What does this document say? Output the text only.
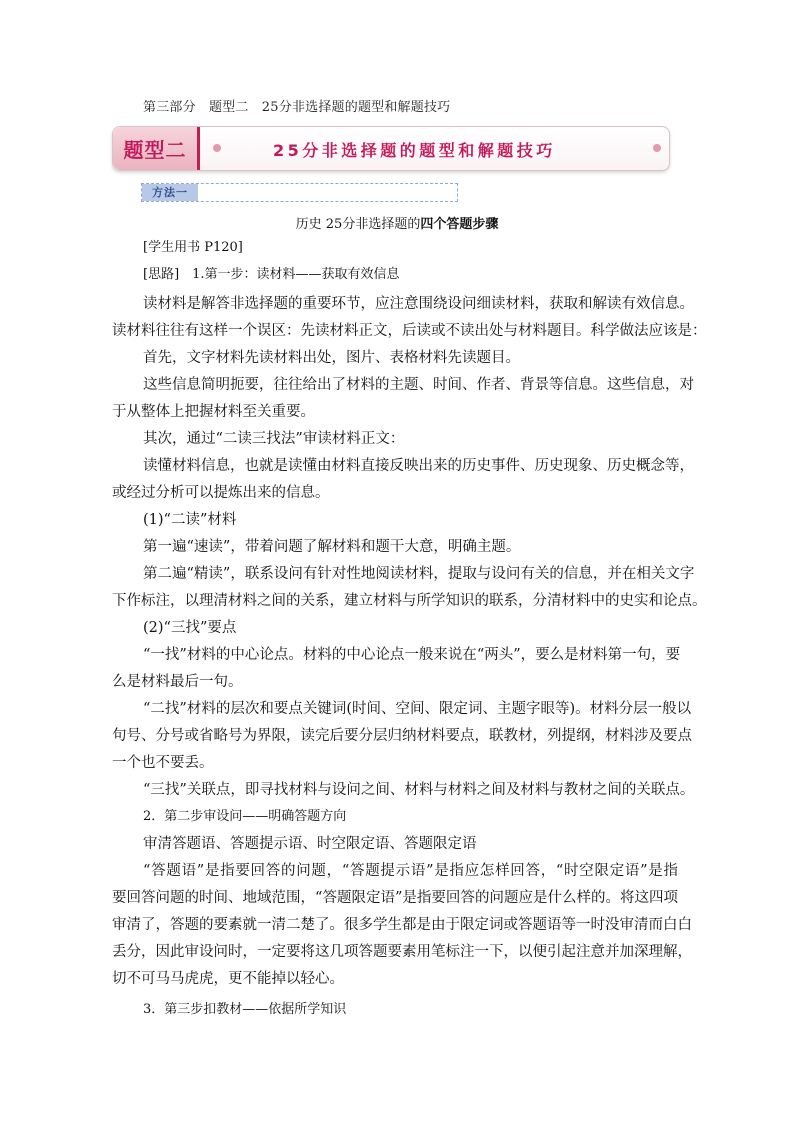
第三部分　题型二　25分非选择题的题型和解题技巧
题型二	25分非选择题的题型和解题技巧
方法一
历史 25分非选择题的四个答题步骤
[学生用书 P120]
[思路]　1.第一步：读材料——获取有效信息
读材料是解答非选择题的重要环节，应注意围绕设问细读材料，获取和解读有效信息。
读材料往往有这样一个误区：先读材料正文，后读或不读出处与材料题目。科学做法应该是：
首先，文字材料先读材料出处，图片、表格材料先读题目。
这些信息简明扼要，往往给出了材料的主题、时间、作者、背景等信息。这些信息，对
于从整体上把握材料至关重要。
其次，通过“二读三找法”审读材料正文：
读懂材料信息，也就是读懂由材料直接反映出来的历史事件、历史现象、历史概念等，
或经过分析可以提炼出来的信息。
(1)“二读”材料
第一遍“速读”，带着问题了解材料和题干大意，明确主题。
第二遍“精读”，联系设问有针对性地阅读材料，提取与设问有关的信息，并在相关文字
下作标注，以理清材料之间的关系，建立材料与所学知识的联系，分清材料中的史实和论点。
(2)“三找”要点
“一找”材料的中心论点。材料的中心论点一般来说在“两头”，要么是材料第一句，要
么是材料最后一句。
“二找”材料的层次和要点关键词(时间、空间、限定词、主题字眼等)。材料分层一般以
句号、分号或省略号为界限，读完后要分层归纳材料要点，联教材，列提纲，材料涉及要点
一个也不要丢。
“三找”关联点，即寻找材料与设问之间、材料与材料之间及材料与教材之间的关联点。
2．第二步审设问——明确答题方向
审清答题语、答题提示语、时空限定语、答题限定语
“答题语”是指要回答的问题，“答题提示语”是指应怎样回答，“时空限定语”是指
要回答问题的时间、地域范围，“答题限定语”是指要回答的问题应是什么样的。将这四项
审清了，答题的要素就一清二楚了。很多学生都是由于限定词或答题语等一时没审清而白白
丢分，因此审设问时，一定要将这几项答题要素用笔标注一下，以便引起注意并加深理解，
切不可马马虎虎，更不能掉以轻心。
3．第三步扣教材——依据所学知识
